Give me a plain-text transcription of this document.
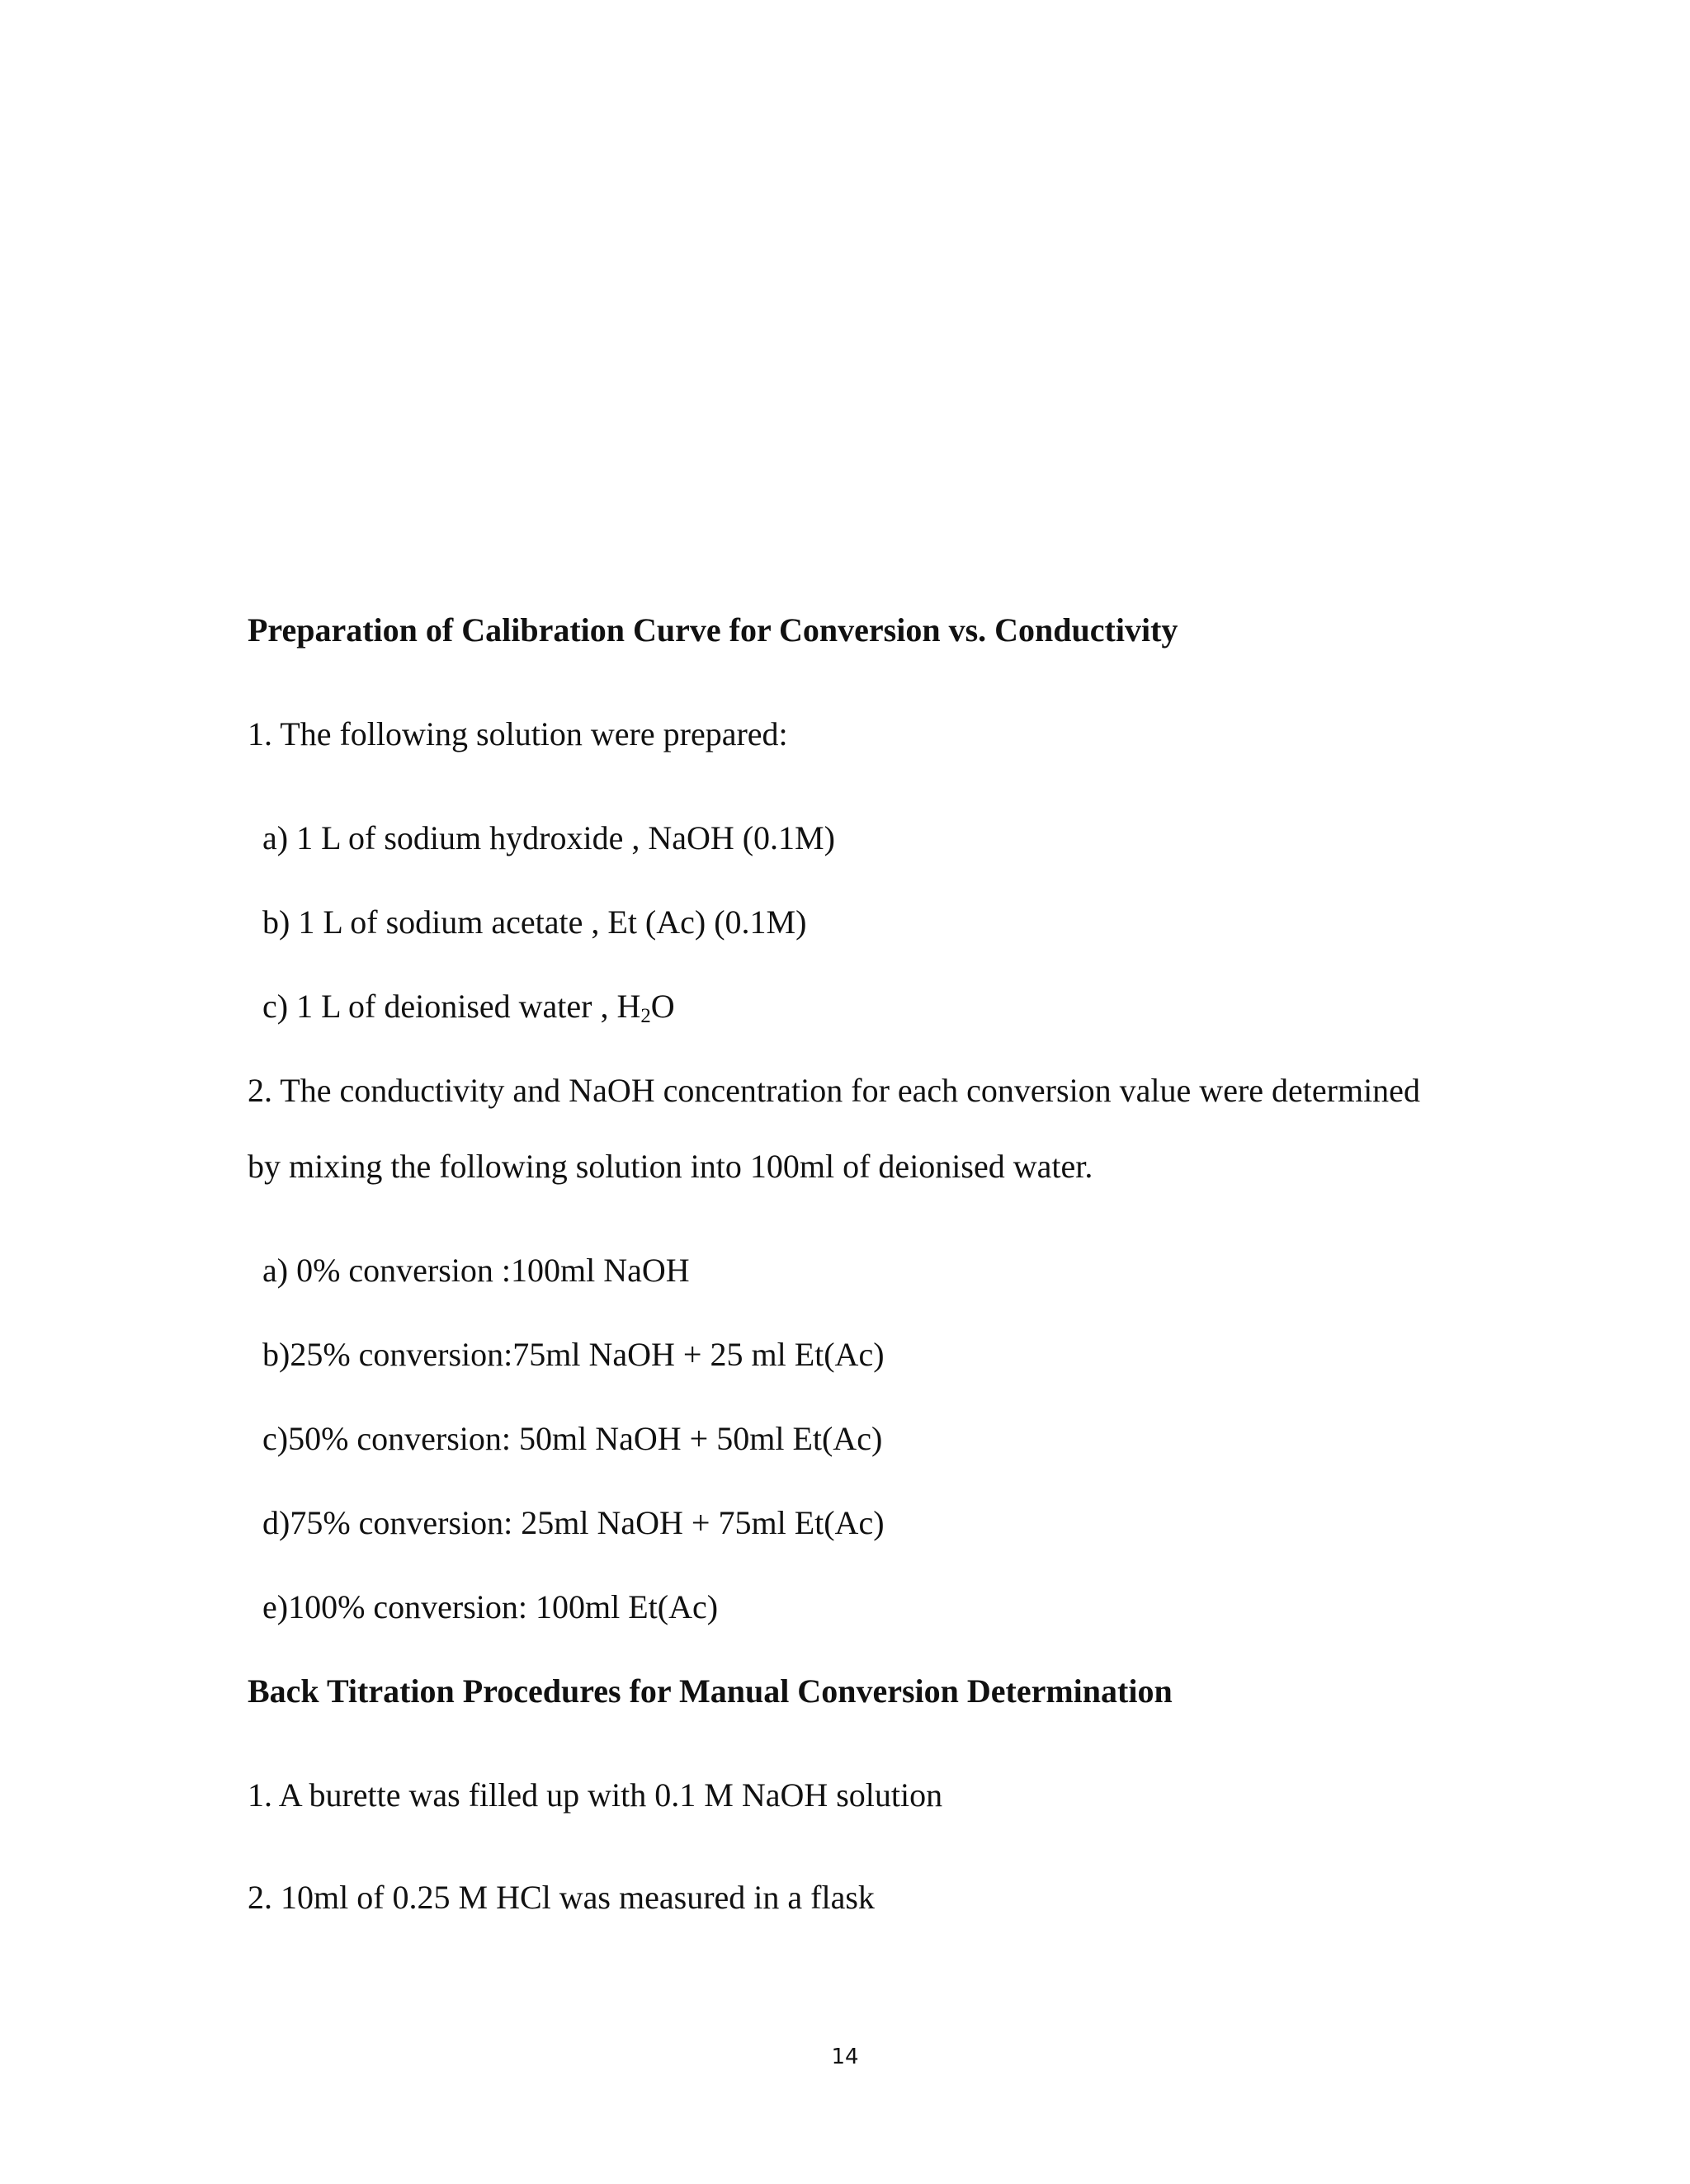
Preparation of Calibration Curve for Conversion vs. Conductivity
1. The following solution were prepared:
a) 1 L of sodium hydroxide , NaOH (0.1M)
b) 1 L of sodium acetate , Et (Ac) (0.1M)
c) 1 L of deionised water , $H_2O$
2. The conductivity and NaOH concentration for each conversion value were determined
by mixing the following solution into 100ml of deionised water.
a) 0% conversion :100ml NaOH
b)25% conversion:75ml NaOH + 25 ml Et(Ac)
c)50% conversion: 50ml NaOH + 50ml Et(Ac)
d)75% conversion: 25ml NaOH + 75ml Et(Ac)
e)100% conversion: 100ml Et(Ac)
Back Titration Procedures for Manual Conversion Determination
1. A burette was filled up with 0.1 M NaOH solution
2. 10ml of 0.25 M HCl was measured in a flask
14
